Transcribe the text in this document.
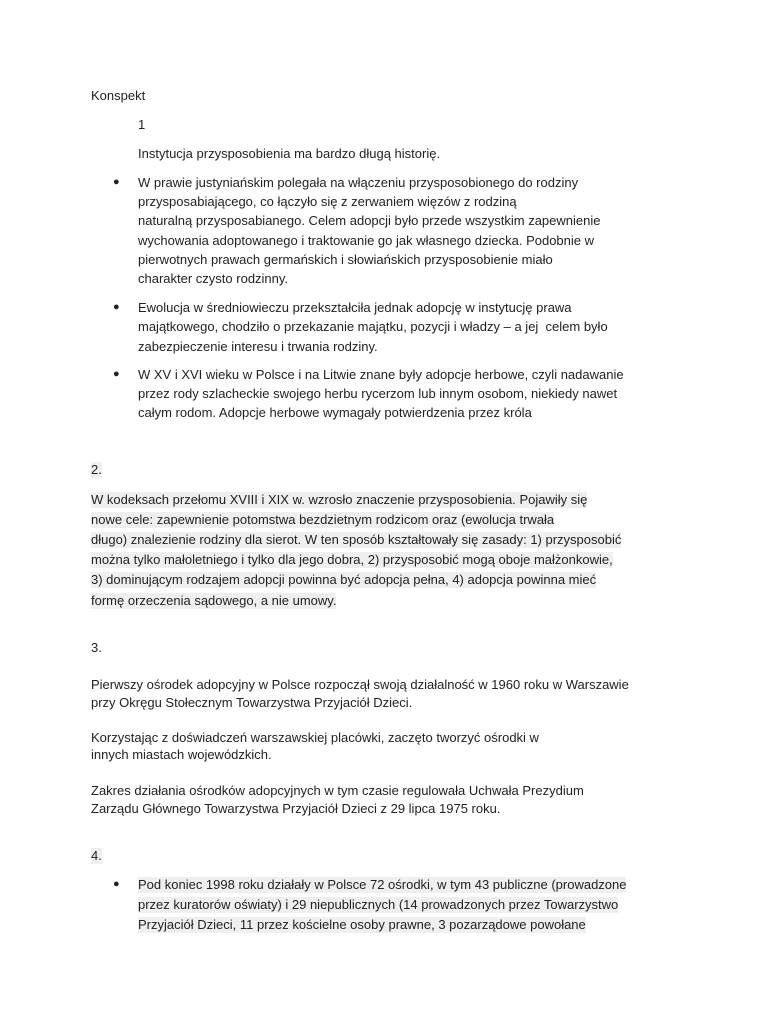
Konspekt
1
Instytucja przysposobienia ma bardzo długą historię.
● W prawie justyniańskim polegała na włączeniu przysposobionego do rodziny
przysposabiającego, co łączyło się z zerwaniem więzów z rodziną
naturalną przysposabianego. Celem adopcji było przede wszystkim zapewnienie
wychowania adoptowanego i traktowanie go jak własnego dziecka. Podobnie w
pierwotnych prawach germańskich i słowiańskich przysposobienie miało
charakter czysto rodzinny.
● Ewolucja w średniowieczu przekształciła jednak adopcję w instytucję prawa
majątkowego, chodziło o przekazanie majątku, pozycji i władzy – a jej  celem było
zabezpieczenie interesu i trwania rodziny.
● W XV i XVI wieku w Polsce i na Litwie znane były adopcje herbowe, czyli nadawanie
przez rody szlacheckie swojego herbu rycerzom lub innym osobom, niekiedy nawet
całym rodom. Adopcje herbowe wymagały potwierdzenia przez króla
2.
W kodeksach przełomu XVIII i XIX w. wzrosło znaczenie przysposobienia. Pojawiły się
nowe cele: zapewnienie potomstwa bezdzietnym rodzicom oraz (ewolucja trwała
długo) znalezienie rodziny dla sierot. W ten sposób kształtowały się zasady: 1) przysposobić
można tylko małoletniego i tylko dla jego dobra, 2) przysposobić mogą oboje małżonkowie,
3) dominującym rodzajem adopcji powinna być adopcja pełna, 4) adopcja powinna mieć
formę orzeczenia sądowego, a nie umowy.
3.
Pierwszy ośrodek adopcyjny w Polsce rozpoczął swoją działalność w 1960 roku w Warszawie
przy Okręgu Stołecznym Towarzystwa Przyjaciół Dzieci.
Korzystając z doświadczeń warszawskiej placówki, zaczęto tworzyć ośrodki w
innych miastach wojewódzkich.
Zakres działania ośrodków adopcyjnych w tym czasie regulowała Uchwała Prezydium
Zarządu Głównego Towarzystwa Przyjaciół Dzieci z 29 lipca 1975 roku.
4.
● Pod koniec 1998 roku działały w Polsce 72 ośrodki, w tym 43 publiczne (prowadzone
przez kuratorów oświaty) i 29 niepublicznych (14 prowadzonych przez Towarzystwo
Przyjaciół Dzieci, 11 przez kościelne osoby prawne, 3 pozarządowe powołane
